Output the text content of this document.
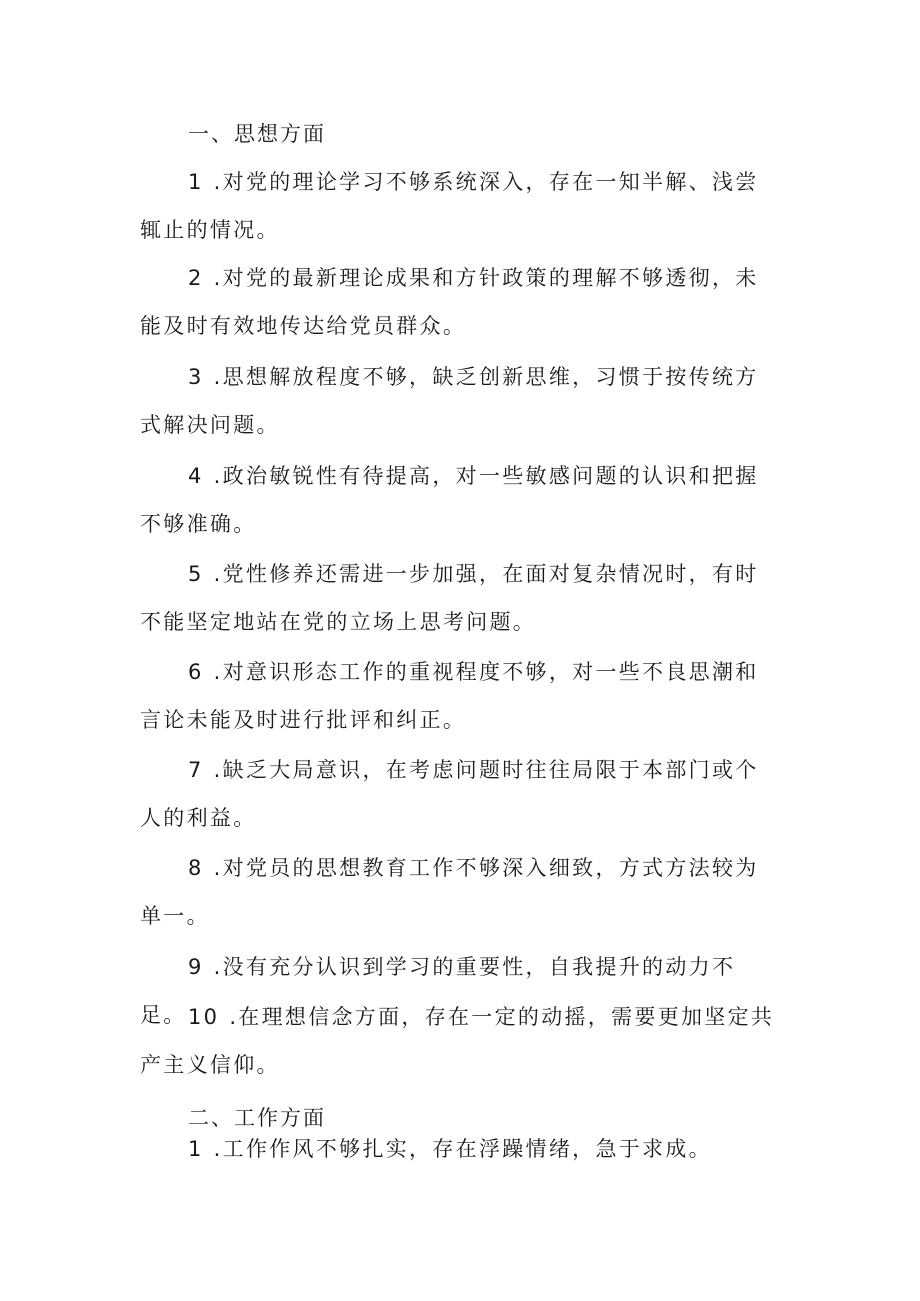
一、思想方面
1 .对党的理论学习不够系统深入，存在一知半解、浅尝辄止的情况。
2 .对党的最新理论成果和方针政策的理解不够透彻，未能及时有效地传达给党员群众。
3 .思想解放程度不够，缺乏创新思维，习惯于按传统方式解决问题。
4 .政治敏锐性有待提高，对一些敏感问题的认识和把握不够准确。
5 .党性修养还需进一步加强，在面对复杂情况时，有时不能坚定地站在党的立场上思考问题。
6 .对意识形态工作的重视程度不够，对一些不良思潮和言论未能及时进行批评和纠正。
7 .缺乏大局意识，在考虑问题时往往局限于本部门或个人的利益。
8 .对党员的思想教育工作不够深入细致，方式方法较为单一。
9 .没有充分认识到学习的重要性，自我提升的动力不足。 10 .在理想信念方面，存在一定的动摇，需要更加坚定共产主义信仰。
二、工作方面
1 .工作作风不够扎实，存在浮躁情绪，急于求成。
